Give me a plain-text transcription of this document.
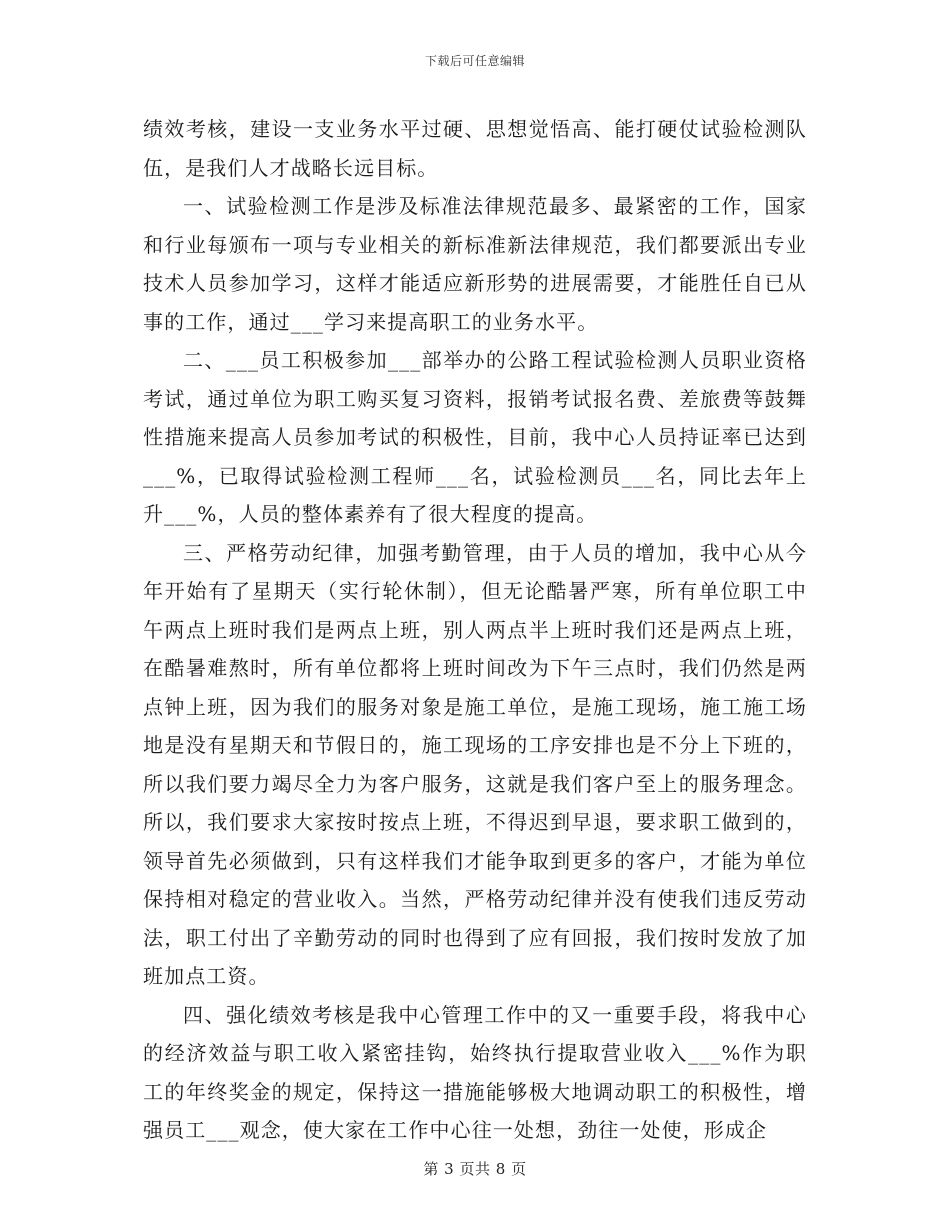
下载后可任意编辑

绩效考核，建设一支业务水平过硬、思想觉悟高、能打硬仗试验检测队伍，是我们人才战略长远目标。

一、试验检测工作是涉及标准法律规范最多、最紧密的工作，国家和行业每颁布一项与专业相关的新标准新法律规范，我们都要派出专业技术人员参加学习，这样才能适应新形势的进展需要，才能胜任自已从事的工作，通过___学习来提高职工的业务水平。

二、___员工积极参加___部举办的公路工程试验检测人员职业资格考试，通过单位为职工购买复习资料，报销考试报名费、差旅费等鼓舞性措施来提高人员参加考试的积极性，目前，我中心人员持证率已达到___%，已取得试验检测工程师___名，试验检测员___名，同比去年上升___%，人员的整体素养有了很大程度的提高。

三、严格劳动纪律，加强考勤管理，由于人员的增加，我中心从今年开始有了星期天（实行轮休制），但无论酷暑严寒，所有单位职工中午两点上班时我们是两点上班，别人两点半上班时我们还是两点上班，在酷暑难熬时，所有单位都将上班时间改为下午三点时，我们仍然是两点钟上班，因为我们的服务对象是施工单位，是施工现场，施工施工场地是没有星期天和节假日的，施工现场的工序安排也是不分上下班的，所以我们要力竭尽全力为客户服务，这就是我们客户至上的服务理念。所以，我们要求大家按时按点上班，不得迟到早退，要求职工做到的，领导首先必须做到，只有这样我们才能争取到更多的客户，才能为单位保持相对稳定的营业收入。当然，严格劳动纪律并没有使我们违反劳动法，职工付出了辛勤劳动的同时也得到了应有回报，我们按时发放了加班加点工资。

四、强化绩效考核是我中心管理工作中的又一重要手段，将我中心的经济效益与职工收入紧密挂钩，始终执行提取营业收入___%作为职工的年终奖金的规定，保持这一措施能够极大地调动职工的积极性，增强员工___观念，使大家在工作中心往一处想，劲往一处使，形成企

第 3 页共 8 页
